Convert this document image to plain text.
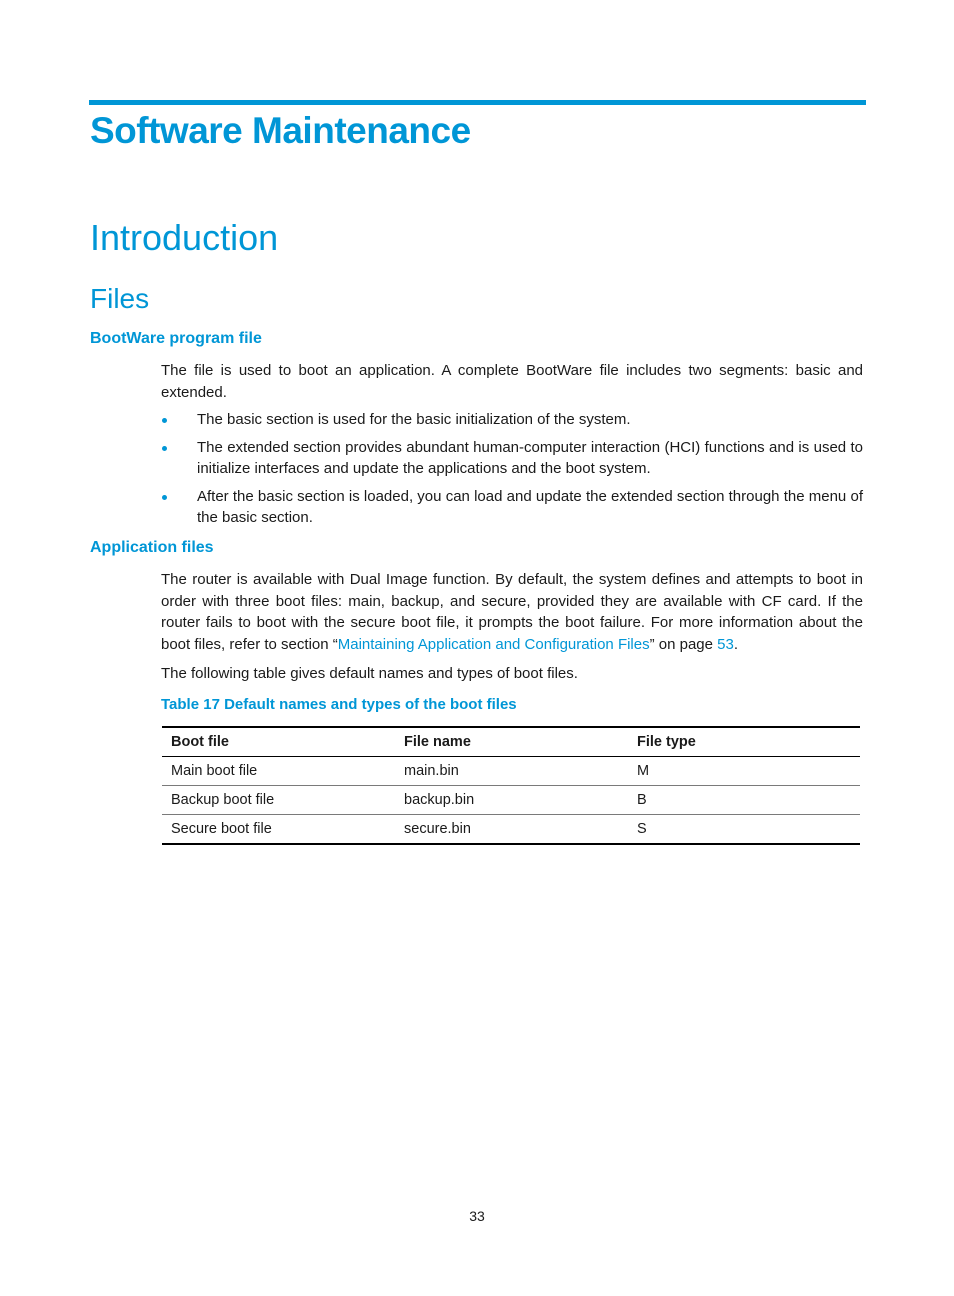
Software Maintenance
Introduction
Files
BootWare program file

The file is used to boot an application. A complete BootWare file includes two segments: basic and extended.

The basic section is used for the basic initialization of the system.
The extended section provides abundant human-computer interaction (HCI) functions and is used to initialize interfaces and update the applications and the boot system.
After the basic section is loaded, you can load and update the extended section through the menu of the basic section.
Application files

The router is available with Dual Image function. By default, the system defines and attempts to boot in order with three boot files: main, backup, and secure, provided they are available with CF card. If the router fails to boot with the secure boot file, it prompts the boot failure. For more information about the boot files, refer to section “Maintaining Application and Configuration Files” on page 53.

The following table gives default names and types of boot files.

Table 17 Default names and types of the boot files

Boot file	File name	File type
Main boot file	main.bin	M
Backup boot file	backup.bin	B
Secure boot file	secure.bin	S
33
